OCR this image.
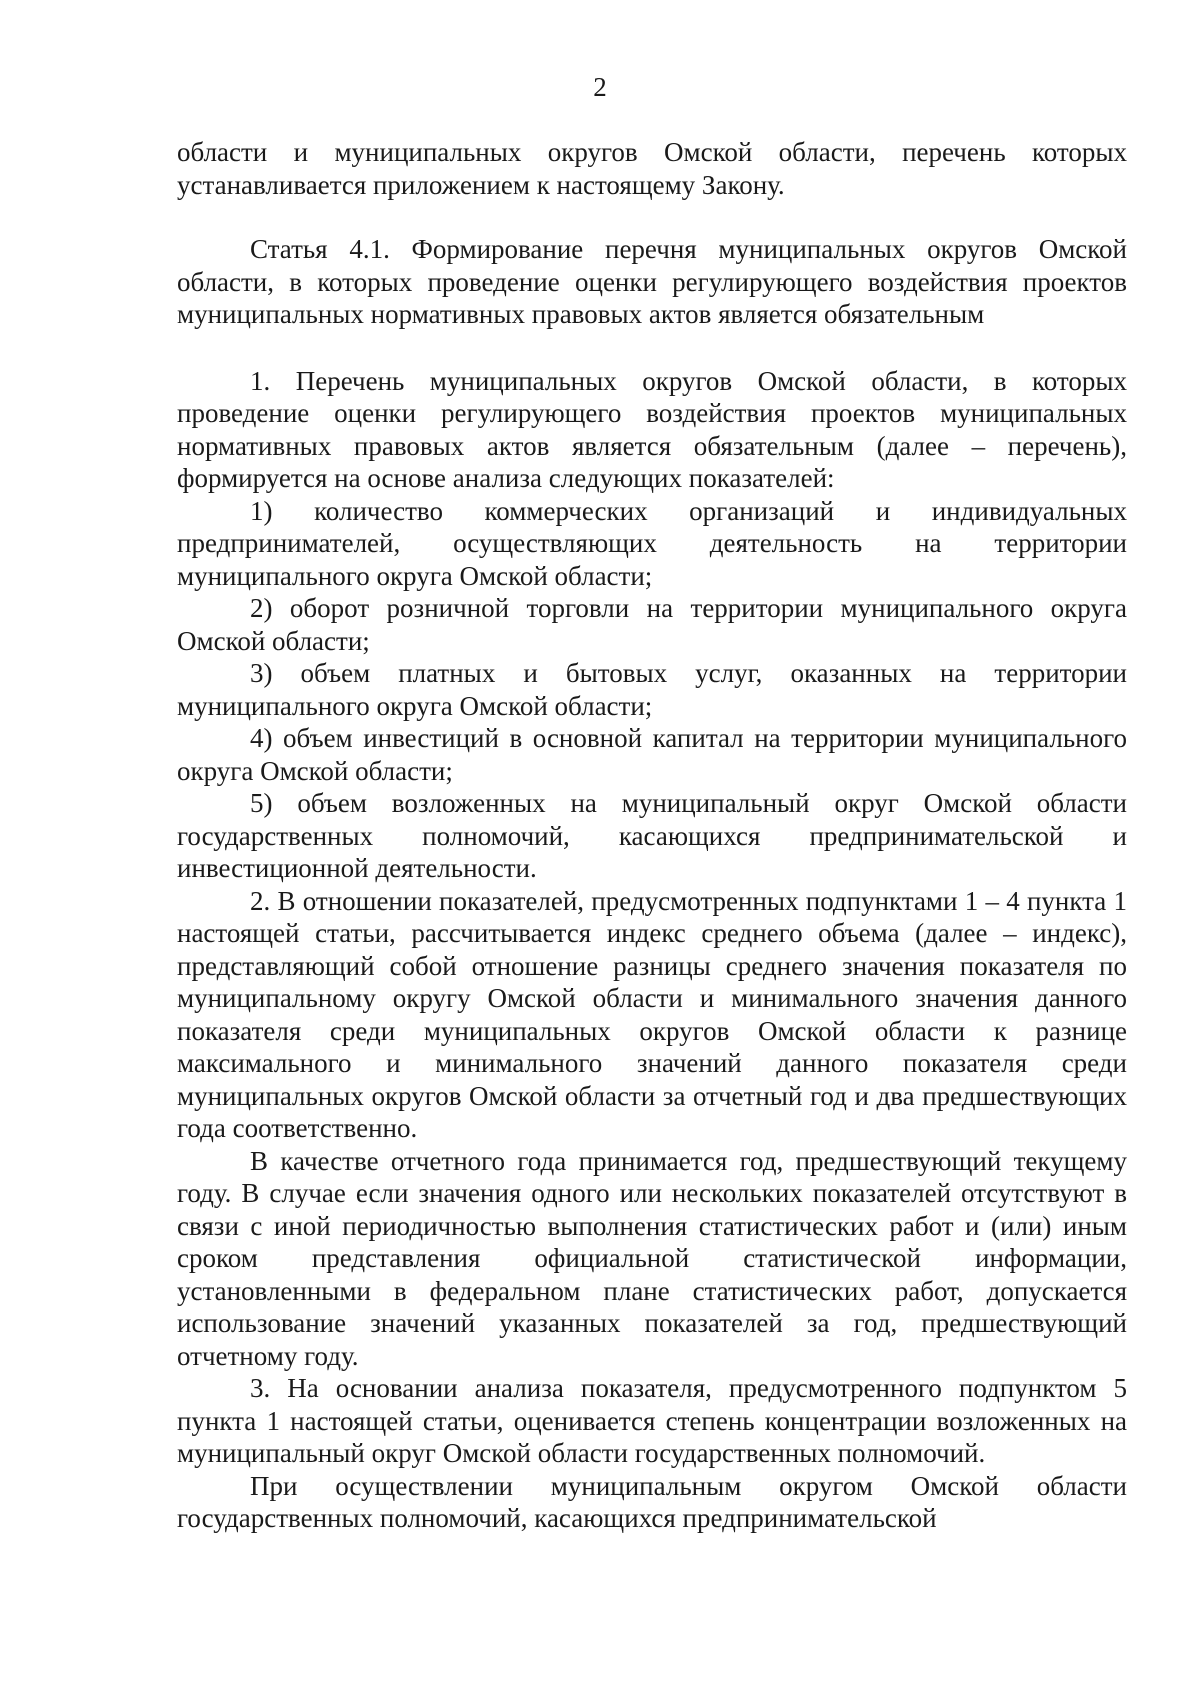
2

области и муниципальных округов Омской области, перечень которых устанавливается приложением к настоящему Закону.

Статья 4.1. Формирование перечня муниципальных округов Омской области, в которых проведение оценки регулирующего воздействия проектов муниципальных нормативных правовых актов является обязательным

1. Перечень муниципальных округов Омской области, в которых проведение оценки регулирующего воздействия проектов муниципальных нормативных правовых актов является обязательным (далее – перечень), формируется на основе анализа следующих показателей:

1) количество коммерческих организаций и индивидуальных предпринимателей, осуществляющих деятельность на территории муниципального округа Омской области;

2) оборот розничной торговли на территории муниципального округа Омской области;

3) объем платных и бытовых услуг, оказанных на территории муниципального округа Омской области;

4) объем инвестиций в основной капитал на территории муниципального округа Омской области;

5) объем возложенных на муниципальный округ Омской области государственных полномочий, касающихся предпринимательской и инвестиционной деятельности.

2. В отношении показателей, предусмотренных подпунктами 1 – 4 пункта 1 настоящей статьи, рассчитывается индекс среднего объема (далее – индекс), представляющий собой отношение разницы среднего значения показателя по муниципальному округу Омской области и минимального значения данного показателя среди муниципальных округов Омской области к разнице максимального и минимального значений данного показателя среди муниципальных округов Омской области за отчетный год и два предшествующих года соответственно.

В качестве отчетного года принимается год, предшествующий текущему году. В случае если значения одного или нескольких показателей отсутствуют в связи с иной периодичностью выполнения статистических работ и (или) иным сроком представления официальной статистической информации, установленными в федеральном плане статистических работ, допускается использование значений указанных показателей за год, предшествующий отчетному году.

3. На основании анализа показателя, предусмотренного подпунктом 5 пункта 1 настоящей статьи, оценивается степень концентрации возложенных на муниципальный округ Омской области государственных полномочий.

При осуществлении муниципальным округом Омской области государственных полномочий, касающихся предпринимательской
